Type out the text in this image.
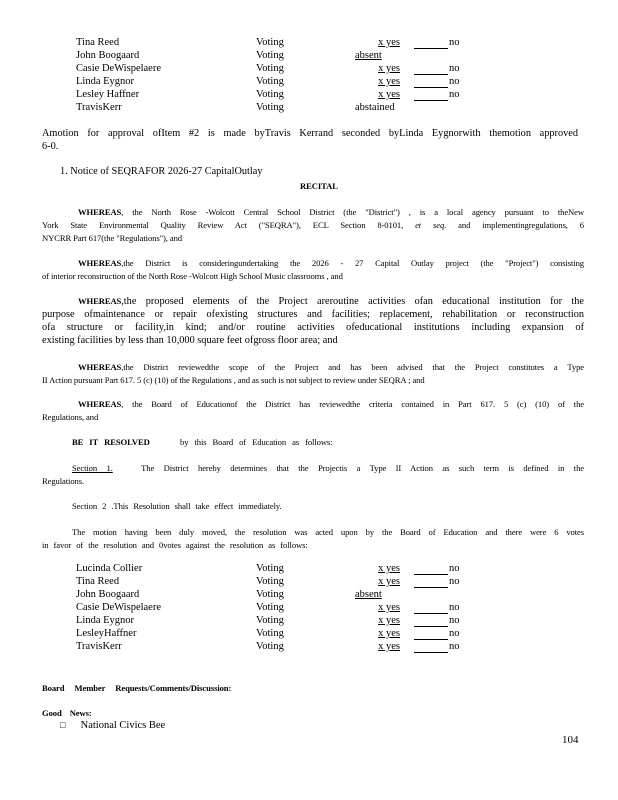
Tina Reed	Voting	x yes	no
John Boogaard	Voting	absent
Casie DeWispelaere	Voting	x yes	no
Linda Eygnor	Voting	x yes	no
Lesley Haffner	Voting	x yes	no
TravisKerr	Voting	abstained
Amotion for approval ofItem #2 is made byTravis Kerrand seconded byLinda Eygnorwith themotion approved
6-0.
1. Notice of SEQRAFOR 2026-27 CapitalOutlay
RECITAL
WHEREAS, the North Rose -Wolcott Central School District (the "District") , is a local agency pursuant to theNew
York State Environmental Quality Review Act ("SEQRA"), ECL Section 8-0101, et seq. and implementingregulations, 6
NYCRR Part 617(the "Regulations"), and
WHEREAS,the District is consideringundertaking the 2026 - 27 Capital Outlay project (the "Project") consisting
of interior reconstruction of the North Rose -Wolcott High School Music classrooms , and
WHEREAS,the proposed elements of the Project areroutine activities ofan educational institution for the
purpose ofmaintenance or repair ofexisting structures and facilities; replacement, rehabilitation or reconstruction
ofa structure or facility,in kind; and/or routine activities ofeducational institutions including expansion of
existing facilities by less than 10,000 square feet ofgross floor area; and
WHEREAS,the District reviewedthe scope of the Project and has been advised that the Project constitutes a Type
II Action pursuant Part 617. 5 (c) (10) of the Regulations , and as such is not subject to review under SEQRA ; and
WHEREAS, the Board of Educationof the District has reviewedthe criteria contained in Part 617. 5 (c) (10) of the
Regulations, and
BE IT RESOLVED	by this Board of Education as follows:
Section 1.	The District hereby determines that the Projectis a Type II Action as such term is defined in the
Regulations.
Section 2 .This Resolution shall take effect immediately.
The motion having been duly moved, the resolution was acted upon by the Board of Education and there were 6 votes
in favor of the resolution and 0votes against the resolution as follows:
Lucinda Collier	Voting	x yes	no
Tina Reed	Voting	x yes	no
John Boogaard	Voting	absent
Casie DeWispelaere	Voting	x yes	no
Linda Eygnor	Voting	x yes	no
LesleyHaffner	Voting	x yes	no
TravisKerr	Voting	x yes	no
Board Member Requests/Comments/Discussion:
Good News:
□ National Civics Bee
104
